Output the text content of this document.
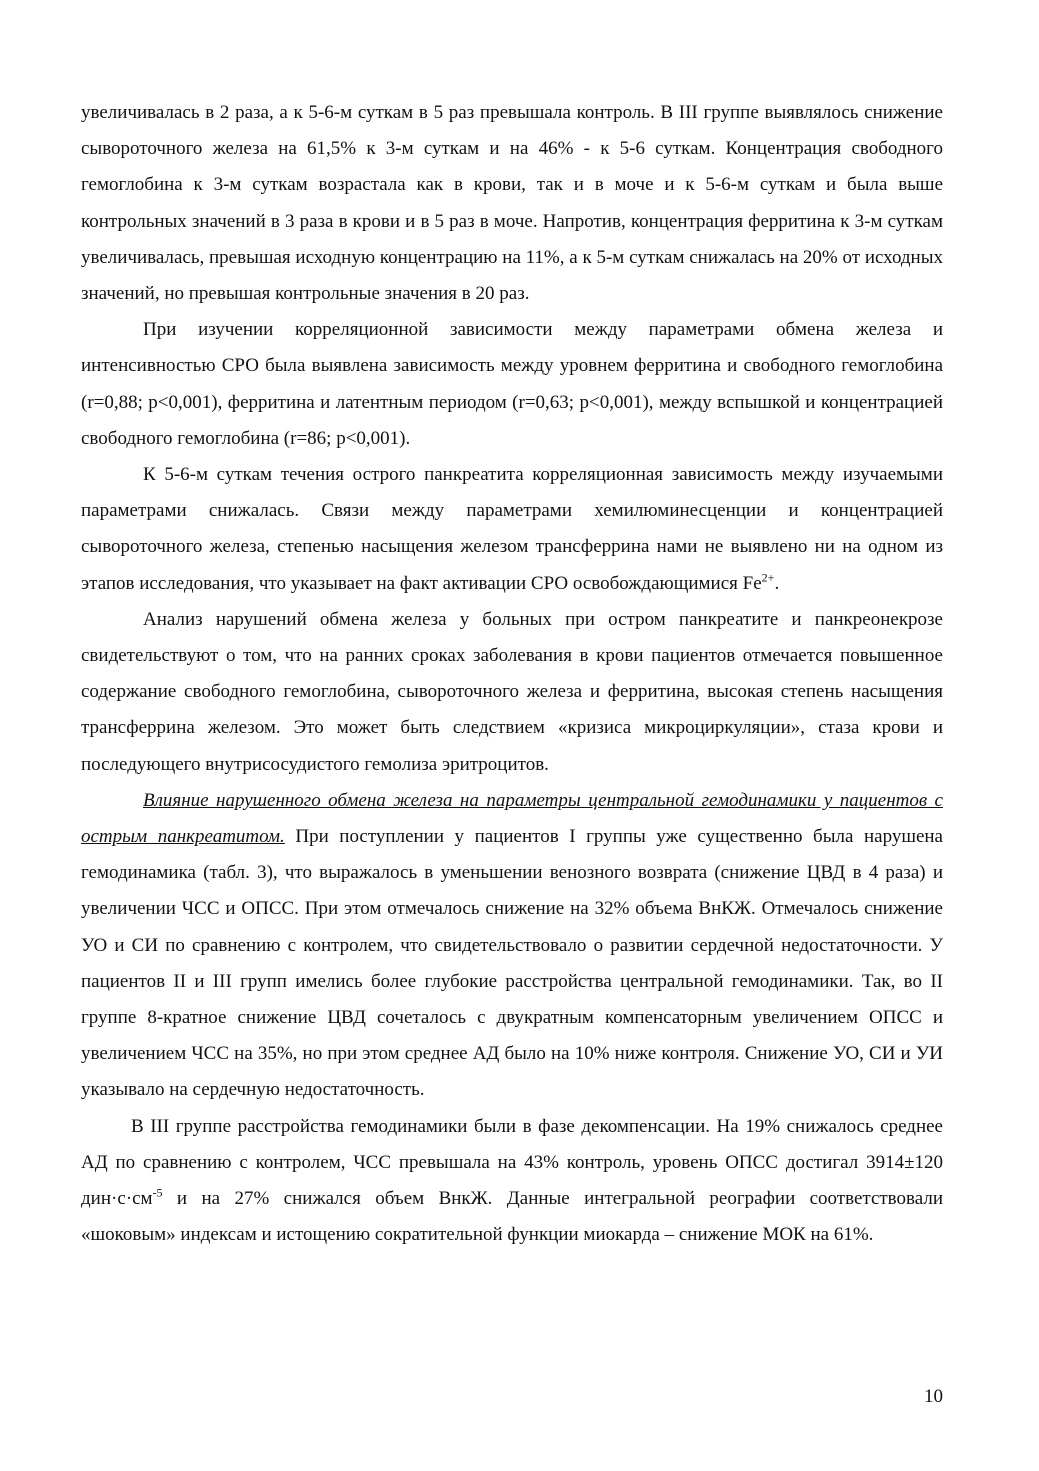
увеличивалась в 2 раза, а к 5-6-м суткам в 5 раз превышала контроль. В III группе выявлялось снижение сывороточного железа на 61,5% к 3-м суткам и на 46% - к 5-6 суткам. Концентрация свободного гемоглобина к 3-м суткам возрастала как в крови, так и в моче и к 5-6-м суткам и была выше контрольных значений в 3 раза в крови и в 5 раз в моче. Напротив, концентрация ферритина к 3-м суткам увеличивалась, превышая исходную концентрацию на 11%, а к 5-м суткам снижалась на 20% от исходных значений, но превышая контрольные значения в 20 раз.

При изучении корреляционной зависимости между параметрами обмена железа и интенсивностью СРО была выявлена зависимость между уровнем ферритина и свободного гемоглобина (r=0,88; p<0,001), ферритина и латентным периодом (r=0,63; p<0,001), между вспышкой и концентрацией свободного гемоглобина (r=86; p<0,001).

К 5-6-м суткам течения острого панкреатита корреляционная зависимость между изучаемыми параметрами снижалась. Связи между параметрами хемилюминесценции и концентрацией сывороточного железа, степенью насыщения железом трансферрина нами не выявлено ни на одном из этапов исследования, что указывает на факт активации СРО освобождающимися $Fe^{2+}$.

Анализ нарушений обмена железа у больных при остром панкреатите и панкреонекрозе свидетельствуют о том, что на ранних сроках заболевания в крови пациентов отмечается повышенное содержание свободного гемоглобина, сывороточного железа и ферритина, высокая степень насыщения трансферрина железом. Это может быть следствием «кризиса микроциркуляции», стаза крови и последующего внутрисосудистого гемолиза эритроцитов.

Влияние нарушенного обмена железа на параметры центральной гемодинамики у пациентов с острым панкреатитом. При поступлении у пациентов I группы уже существенно была нарушена гемодинамика (табл. 3), что выражалось в уменьшении венозного возврата (снижение ЦВД в 4 раза) и увеличении ЧСС и ОПСС. При этом отмечалось снижение на 32% объема ВнКЖ. Отмечалось снижение УО и СИ по сравнению с контролем, что свидетельствовало о развитии сердечной недостаточности. У пациентов II и III групп имелись более глубокие расстройства центральной гемодинамики. Так, во II группе 8-кратное снижение ЦВД сочеталось с двукратным компенсаторным увеличением ОПСС и увеличением ЧСС на 35%, но при этом среднее АД было на 10% ниже контроля. Снижение УО, СИ и УИ указывало на сердечную недостаточность.

В III группе расстройства гемодинамики были в фазе декомпенсации. На 19% снижалось среднее АД по сравнению с контролем, ЧСС превышала на 43% контроль, уровень ОПСС достигал 3914±120 $дин\cdot с\cdot см^{-5}$ и на 27% снижался объем ВнкЖ. Данные интегральной реографии соответствовали «шоковым» индексам и истощению сократительной функции миокарда – снижение МОК на 61%.

10
